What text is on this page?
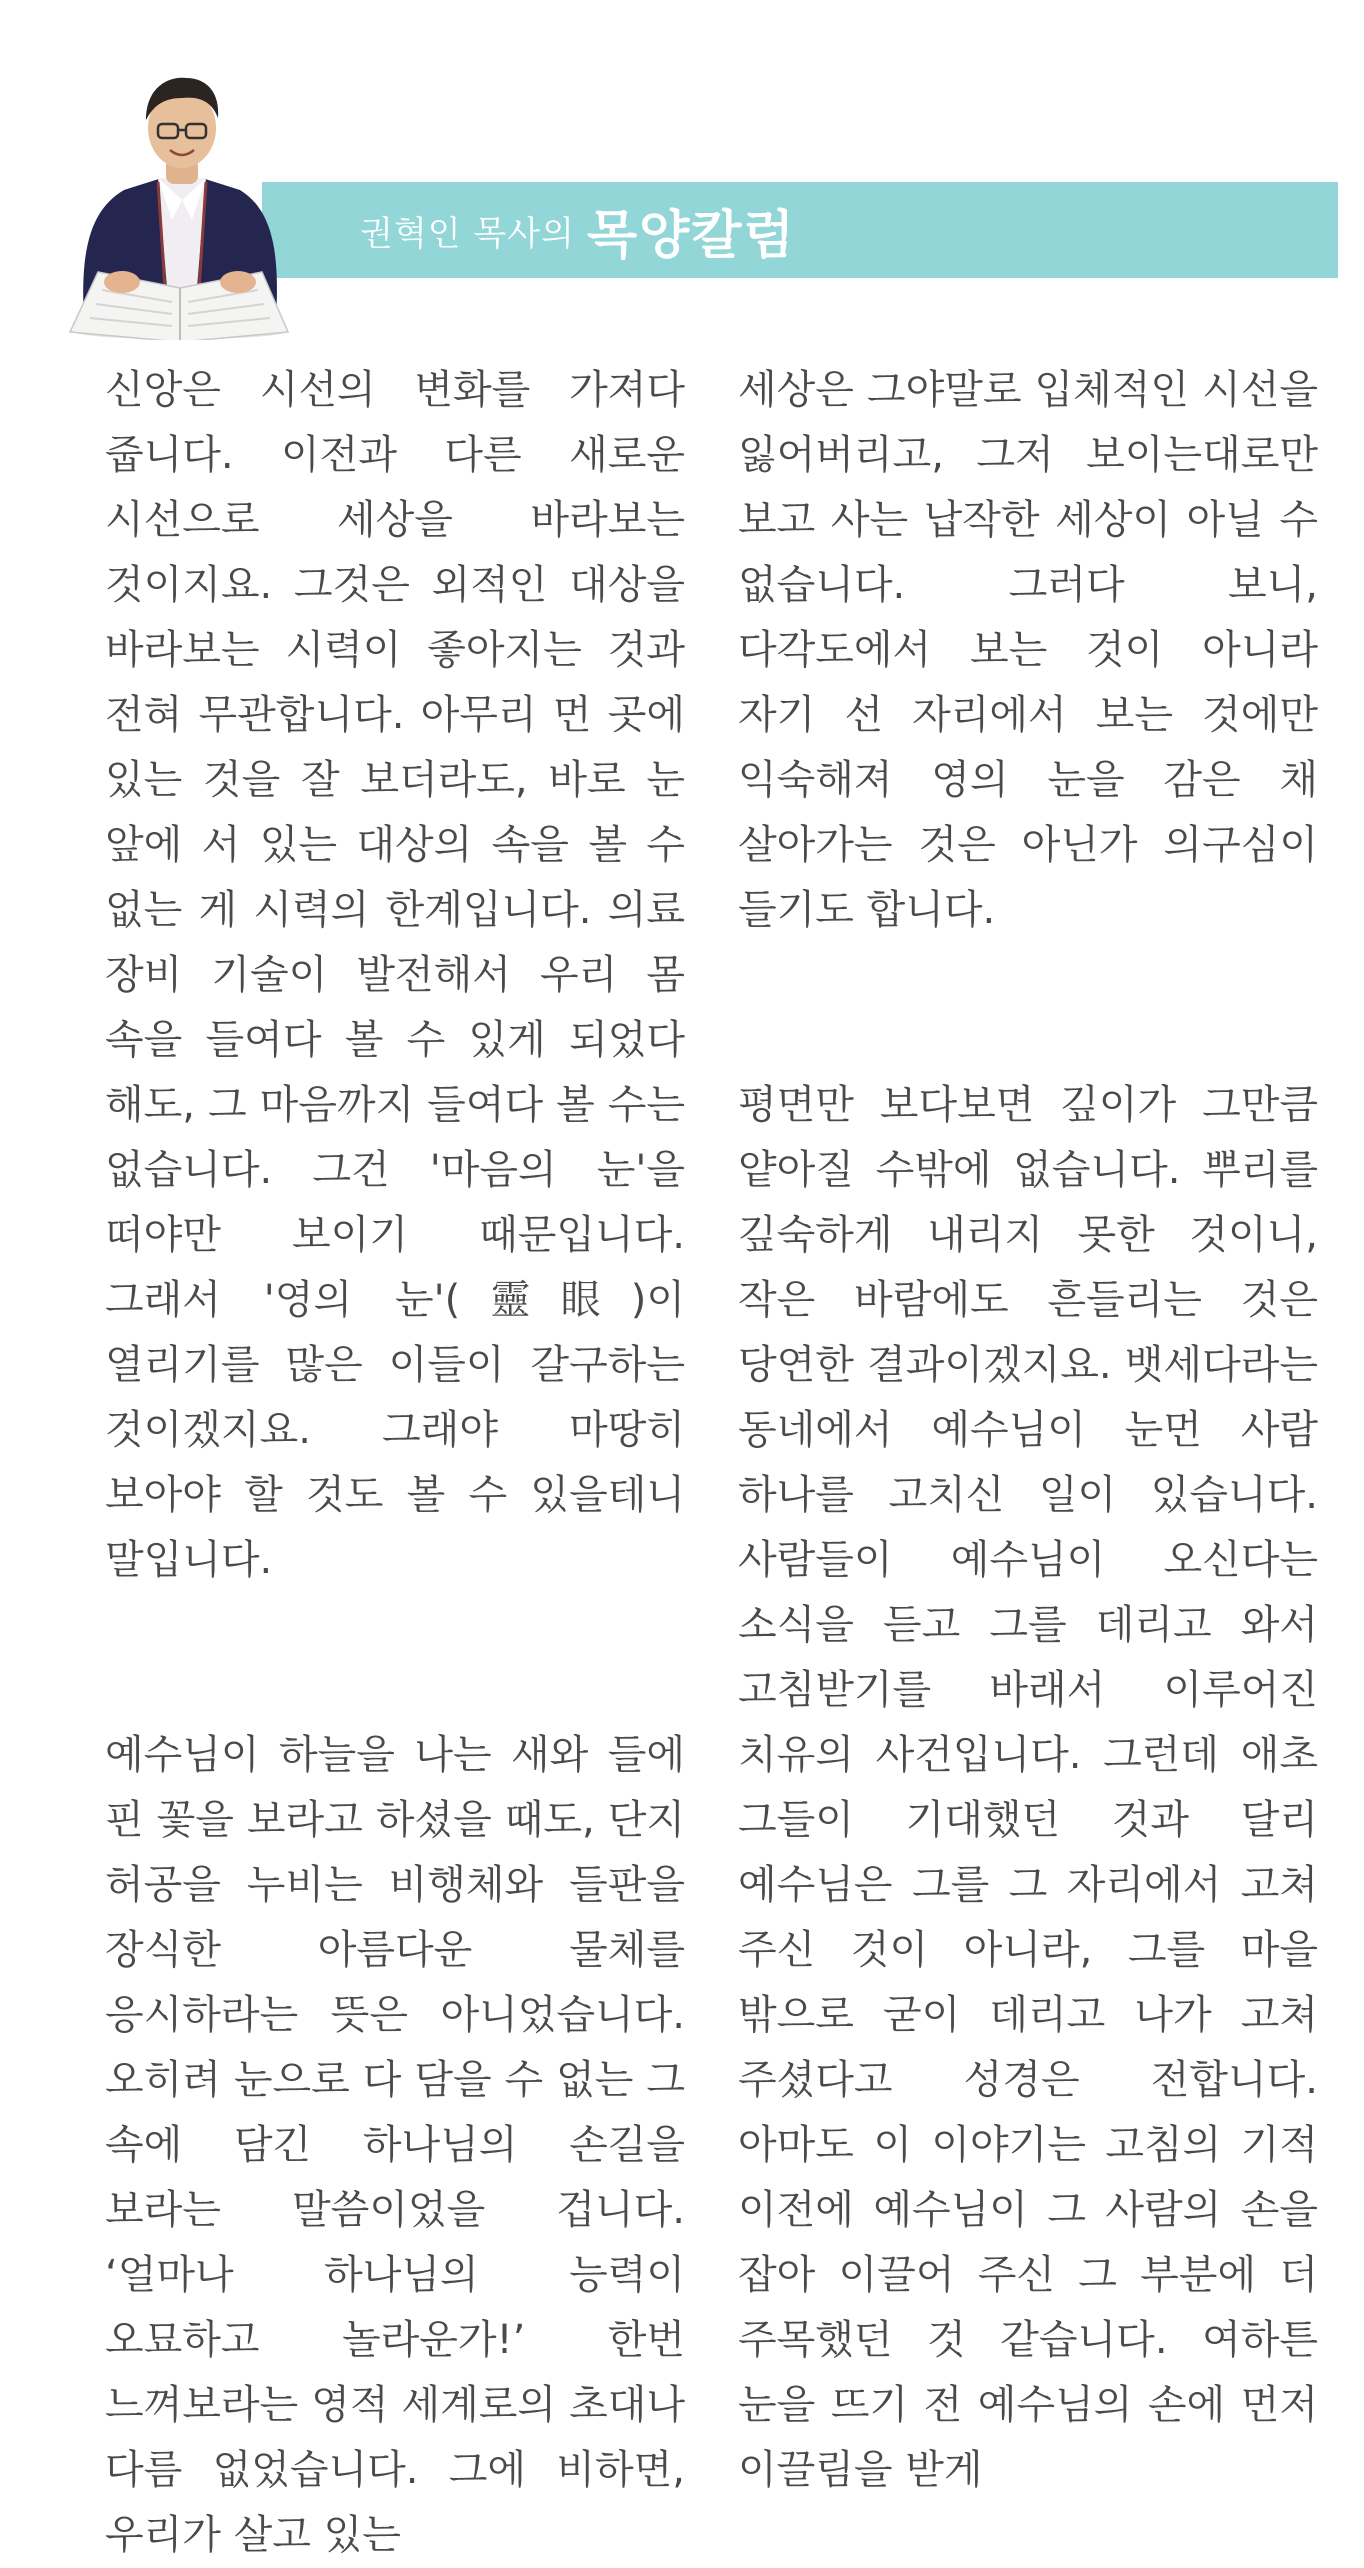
권혁인 목사의 목양칼럼

신앙은 시선의 변화를 가져다 줍니다. 이전과 다른 새로운 시선으로 세상을 바라보는 것이지요. 그것은 외적인 대상을 바라보는 시력이 좋아지는 것과 전혀 무관합니다. 아무리 먼 곳에 있는 것을 잘 보더라도, 바로 눈 앞에 서 있는 대상의 속을 볼 수 없는 게 시력의 한계입니다. 의료 장비 기술이 발전해서 우리 몸 속을 들여다 볼 수 있게 되었다 해도, 그 마음까지 들여다 볼 수는 없습니다. 그건 '마음의 눈'을 떠야만 보이기 때문입니다. 그래서 '영의 눈'(靈眼)이 열리기를 많은 이들이 갈구하는 것이겠지요. 그래야 마땅히 보아야 할 것도 볼 수 있을테니 말입니다.

예수님이 하늘을 나는 새와 들에 핀 꽃을 보라고 하셨을 때도, 단지 허공을 누비는 비행체와 들판을 장식한 아름다운 물체를 응시하라는 뜻은 아니었습니다. 오히려 눈으로 다 담을 수 없는 그 속에 담긴 하나님의 손길을 보라는 말씀이었을 겁니다. ‘얼마나 하나님의 능력이 오묘하고 놀라운가!’ 한번 느껴보라는 영적 세계로의 초대나 다름 없었습니다. 그에 비하면, 우리가 살고 있는

세상은 그야말로 입체적인 시선을 잃어버리고, 그저 보이는대로만 보고 사는 납작한 세상이 아닐 수 없습니다. 그러다 보니, 다각도에서 보는 것이 아니라 자기 선 자리에서 보는 것에만 익숙해져 영의 눈을 감은 채 살아가는 것은 아닌가 의구심이 들기도 합니다.

평면만 보다보면 깊이가 그만큼 얕아질 수밖에 없습니다. 뿌리를 깊숙하게 내리지 못한 것이니, 작은 바람에도 흔들리는 것은 당연한 결과이겠지요. 뱃세다라는 동네에서 예수님이 눈먼 사람 하나를 고치신 일이 있습니다. 사람들이 예수님이 오신다는 소식을 듣고 그를 데리고 와서 고침받기를 바래서 이루어진 치유의 사건입니다. 그런데 애초 그들이 기대했던 것과 달리 예수님은 그를 그 자리에서 고쳐 주신 것이 아니라, 그를 마을 밖으로 굳이 데리고 나가 고쳐 주셨다고 성경은 전합니다. 아마도 이 이야기는 고침의 기적 이전에 예수님이 그 사람의 손을 잡아 이끌어 주신 그 부분에 더 주목했던 것 같습니다. 여하튼 눈을 뜨기 전 예수님의 손에 먼저 이끌림을 받게
